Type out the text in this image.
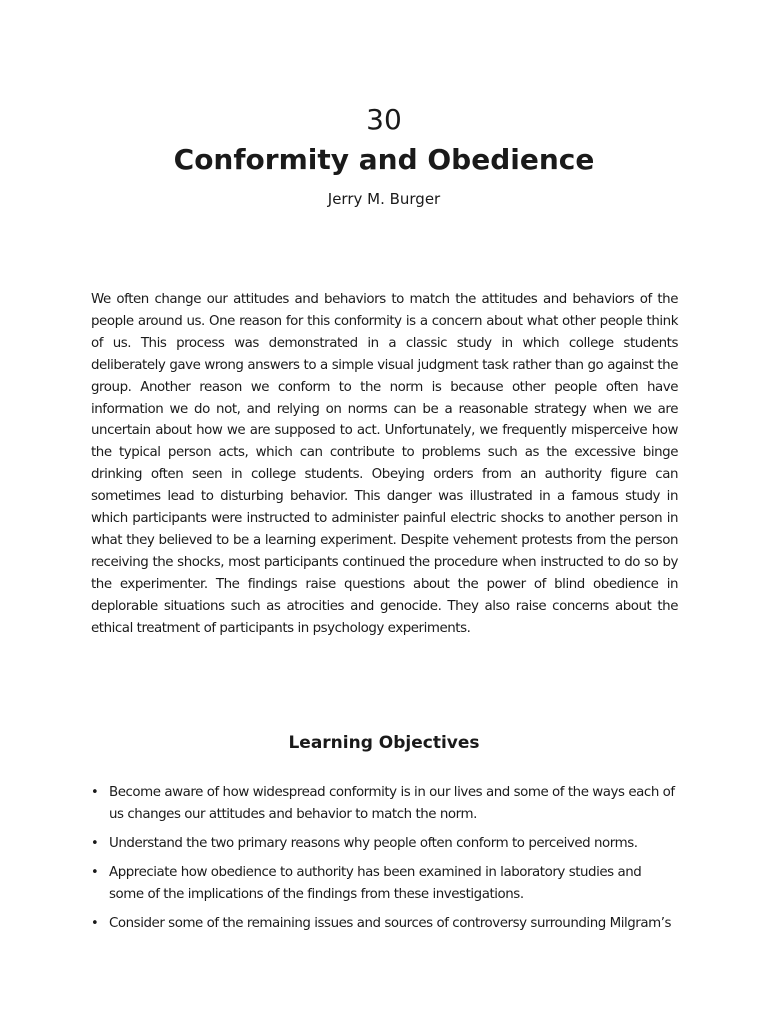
30
Conformity and Obedience
Jerry M. Burger

We often change our attitudes and behaviors to match the attitudes and behaviors of the people around us. One reason for this conformity is a concern about what other people think of us. This process was demonstrated in a classic study in which college students deliberately gave wrong answers to a simple visual judgment task rather than go against the group. Another reason we conform to the norm is because other people often have information we do not, and relying on norms can be a reasonable strategy when we are uncertain about how we are supposed to act. Unfortunately, we frequently misperceive how the typical person acts, which can contribute to problems such as the excessive binge drinking often seen in college students. Obeying orders from an authority figure can sometimes lead to disturbing behavior. This danger was illustrated in a famous study in which participants were instructed to administer painful electric shocks to another person in what they believed to be a learning experiment. Despite vehement protests from the person receiving the shocks, most participants continued the procedure when instructed to do so by the experimenter. The findings raise questions about the power of blind obedience in deplorable situations such as atrocities and genocide. They also raise concerns about the ethical treatment of participants in psychology experiments.

Learning Objectives
• Become aware of how widespread conformity is in our lives and some of the ways each of us changes our attitudes and behavior to match the norm.
• Understand the two primary reasons why people often conform to perceived norms.
• Appreciate how obedience to authority has been examined in laboratory studies and some of the implications of the findings from these investigations.
• Consider some of the remaining issues and sources of controversy surrounding Milgram’s
